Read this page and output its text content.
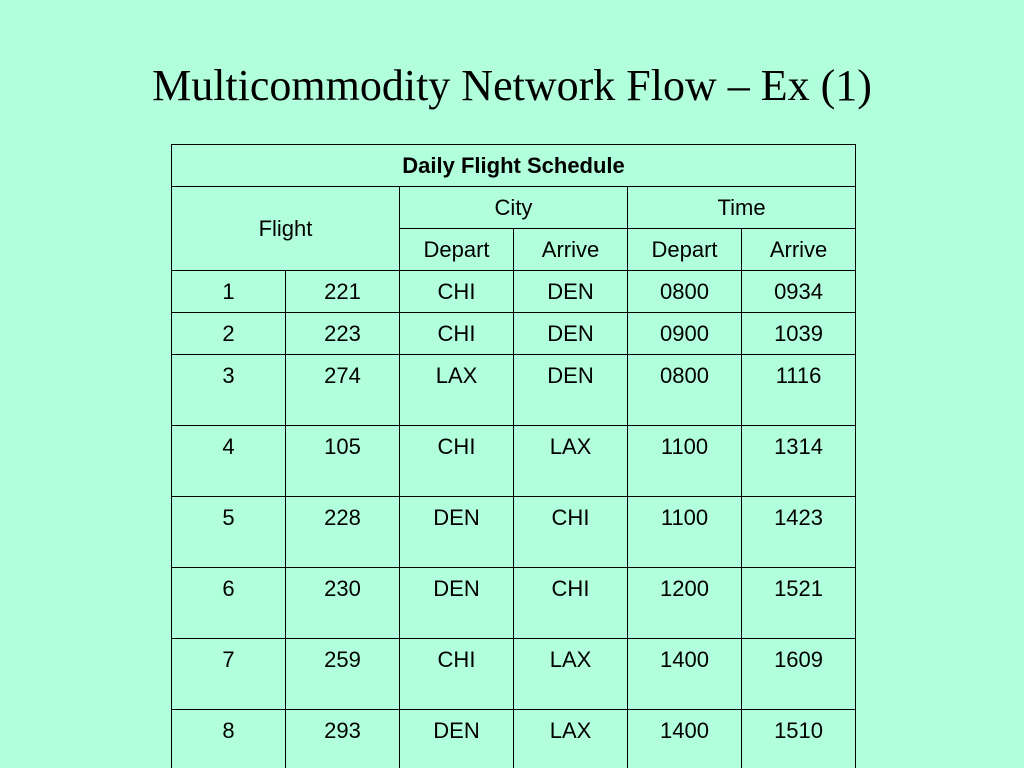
Multicommodity Network Flow – Ex (1)
Daily Flight Schedule					
Flight		City		Time	
		Depart	Arrive	Depart	Arrive
1	221	CHI	DEN	0800	0934
2	223	CHI	DEN	0900	1039
3	274	LAX	DEN	0800	1116
4	105	CHI	LAX	1100	1314
5	228	DEN	CHI	1100	1423
6	230	DEN	CHI	1200	1521
7	259	CHI	LAX	1400	1609
8	293	DEN	LAX	1400	1510
